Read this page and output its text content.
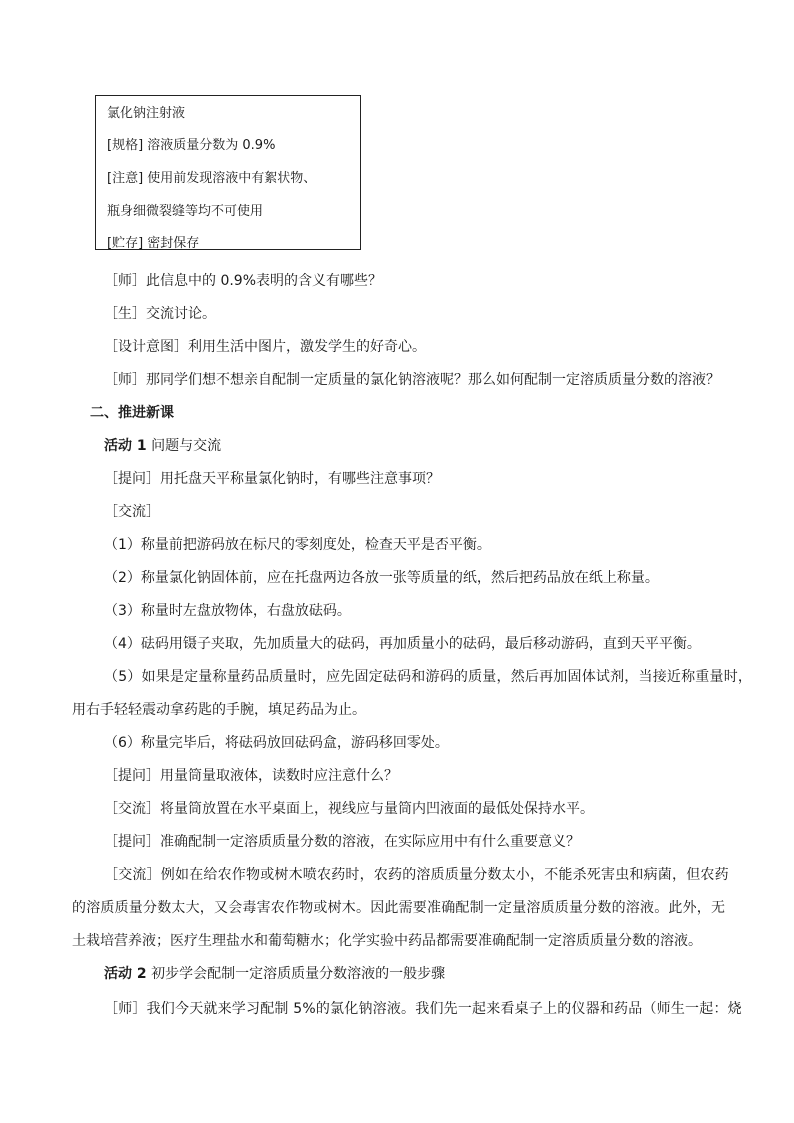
氯化钠注射液
[规格] 溶液质量分数为 0.9%
[注意] 使用前发现溶液中有絮状物、
瓶身细微裂缝等均不可使用
[贮存] 密封保存
［师］此信息中的 0.9%表明的含义有哪些？
［生］交流讨论。
［设计意图］利用生活中图片，激发学生的好奇心。
［师］那同学们想不想亲自配制一定质量的氯化钠溶液呢？那么如何配制一定溶质质量分数的溶液？
二、推进新课
活动 1 问题与交流
［提问］用托盘天平称量氯化钠时，有哪些注意事项？
［交流］
（1）称量前把游码放在标尺的零刻度处，检查天平是否平衡。
（2）称量氯化钠固体前，应在托盘两边各放一张等质量的纸，然后把药品放在纸上称量。
（3）称量时左盘放物体，右盘放砝码。
（4）砝码用镊子夹取，先加质量大的砝码，再加质量小的砝码，最后移动游码，直到天平平衡。
（5）如果是定量称量药品质量时，应先固定砝码和游码的质量，然后再加固体试剂，当接近称重量时，
用右手轻轻震动拿药匙的手腕，填足药品为止。
（6）称量完毕后，将砝码放回砝码盒，游码移回零处。
［提问］用量筒量取液体，读数时应注意什么？
［交流］将量筒放置在水平桌面上，视线应与量筒内凹液面的最低处保持水平。
［提问］准确配制一定溶质质量分数的溶液，在实际应用中有什么重要意义？
［交流］例如在给农作物或树木喷农药时，农药的溶质质量分数太小，不能杀死害虫和病菌，但农药
的溶质质量分数太大，又会毒害农作物或树木。因此需要准确配制一定量溶质质量分数的溶液。此外，无
土栽培营养液；医疗生理盐水和葡萄糖水；化学实验中药品都需要准确配制一定溶质质量分数的溶液。
活动 2 初步学会配制一定溶质质量分数溶液的一般步骤
［师］我们今天就来学习配制 5%的氯化钠溶液。我们先一起来看桌子上的仪器和药品（师生一起：烧
